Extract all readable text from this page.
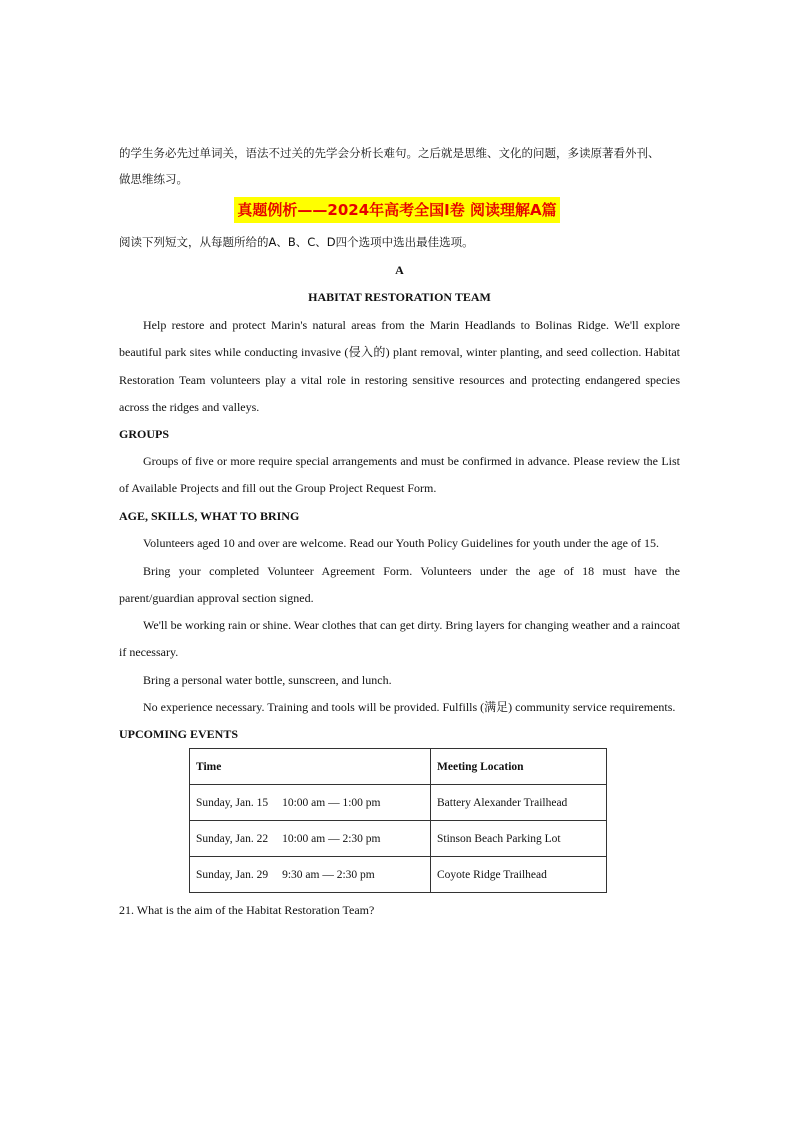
的学生务必先过单词关，语法不过关的先学会分析长难句。之后就是思维、文化的问题，多读原著看外刊、

做思维练习。

真题例析——2024年高考全国I卷 阅读理解A篇

阅读下列短文，从每题所给的A、B、C、D四个选项中选出最佳选项。

A

HABITAT RESTORATION TEAM

Help restore and protect Marin's natural areas from the Marin Headlands to Bolinas Ridge. We'll explore beautiful park sites while conducting invasive (侵入的) plant removal, winter planting, and seed collection. Habitat Restoration Team volunteers play a vital role in restoring sensitive resources and protecting endangered species across the ridges and valleys.

GROUPS

Groups of five or more require special arrangements and must be confirmed in advance. Please review the List of Available Projects and fill out the Group Project Request Form.

AGE, SKILLS, WHAT TO BRING

Volunteers aged 10 and over are welcome. Read our Youth Policy Guidelines for youth under the age of 15.

Bring your completed Volunteer Agreement Form. Volunteers under the age of 18 must have the parent/guardian approval section signed.

We'll be working rain or shine. Wear clothes that can get dirty. Bring layers for changing weather and a raincoat if necessary.

Bring a personal water bottle, sunscreen, and lunch.

No experience necessary. Training and tools will be provided. Fulfills (满足) community service requirements.

UPCOMING EVENTS

Time	Meeting Location
Sunday, Jan. 15 10:00 am — 1:00 pm	Battery Alexander Trailhead
Sunday, Jan. 22 10:00 am — 2:30 pm	Stinson Beach Parking Lot
Sunday, Jan. 29 9:30 am — 2:30 pm	Coyote Ridge Trailhead

21. What is the aim of the Habitat Restoration Team?
